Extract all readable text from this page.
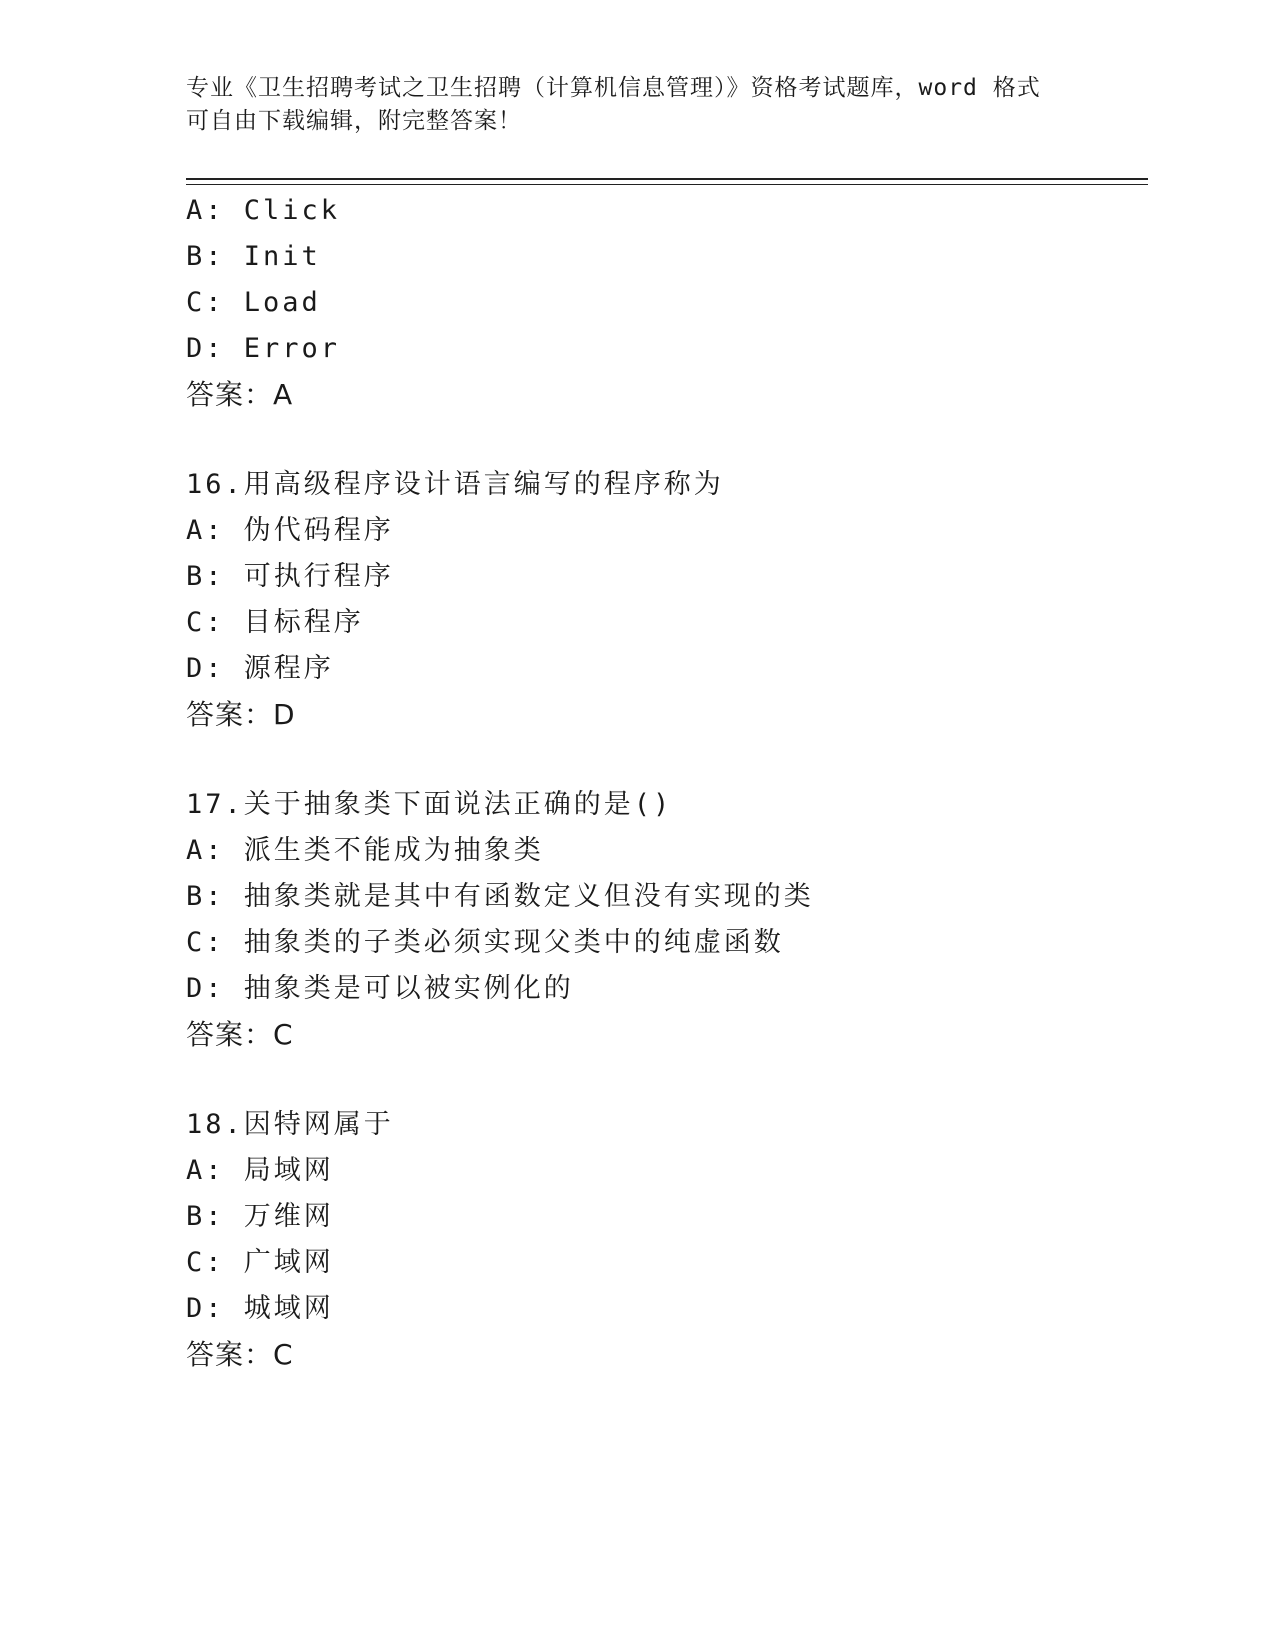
专业《卫生招聘考试之卫生招聘（计算机信息管理）》资格考试题库，word 格式
可自由下载编辑，附完整答案！
A: Click
B: Init
C: Load
D: Error
答案：A
16.用高级程序设计语言编写的程序称为
A: 伪代码程序
B: 可执行程序
C: 目标程序
D: 源程序
答案：D
17.关于抽象类下面说法正确的是()
A: 派生类不能成为抽象类
B: 抽象类就是其中有函数定义但没有实现的类
C: 抽象类的子类必须实现父类中的纯虚函数
D: 抽象类是可以被实例化的
答案：C
18.因特网属于
A: 局域网
B: 万维网
C: 广域网
D: 城域网
答案：C
